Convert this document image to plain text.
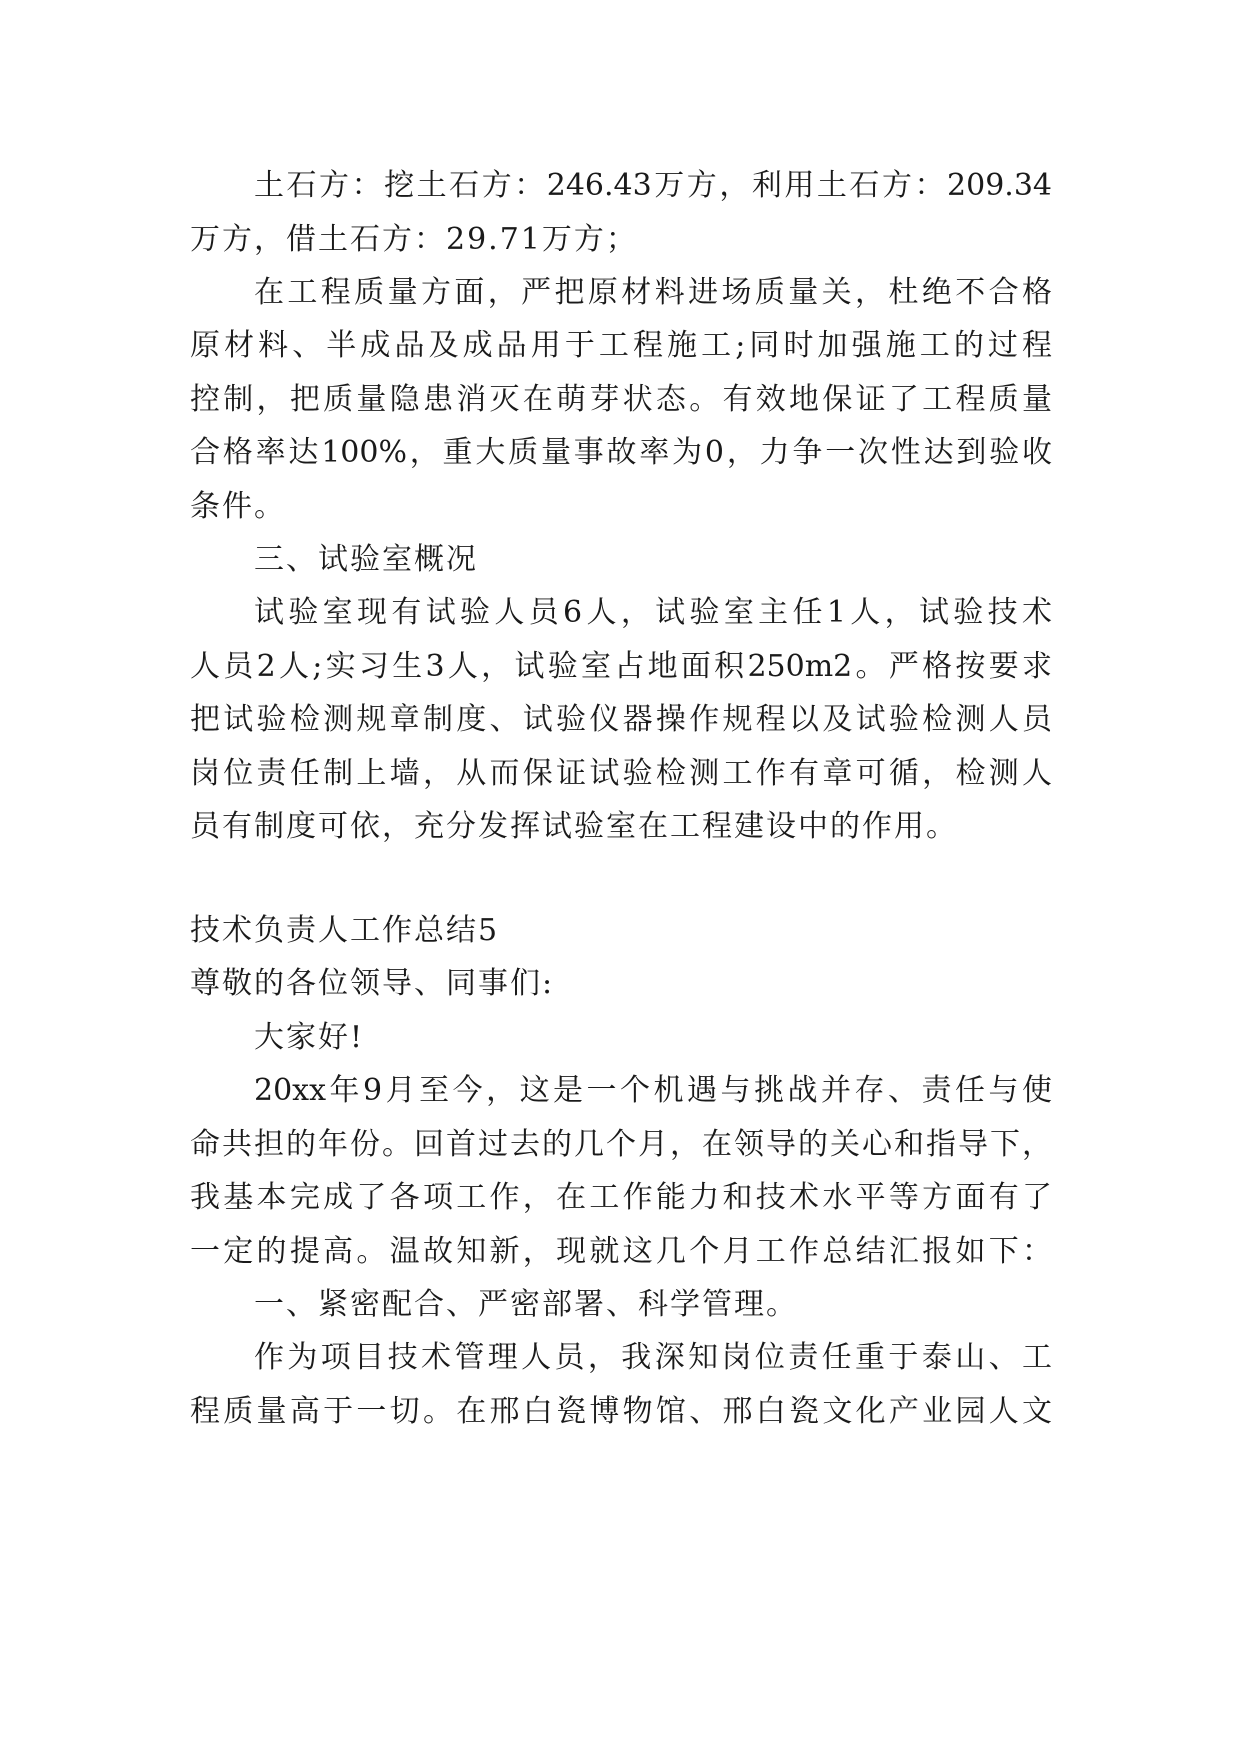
土石方：挖土石方：246.43万方，利用土石方：209.34
万方，借土石方：29.71万方；
在工程质量方面，严把原材料进场质量关，杜绝不合格
原材料、半成品及成品用于工程施工;同时加强施工的过程
控制，把质量隐患消灭在萌芽状态。有效地保证了工程质量
合格率达100%，重大质量事故率为0，力争一次性达到验收
条件。
三、试验室概况
试验室现有试验人员6人，试验室主任1人，试验技术
人员2人;实习生3人，试验室占地面积250m2。严格按要求
把试验检测规章制度、试验仪器操作规程以及试验检测人员
岗位责任制上墙，从而保证试验检测工作有章可循，检测人
员有制度可依，充分发挥试验室在工程建设中的作用。
技术负责人工作总结5
尊敬的各位领导、同事们:
大家好!
20xx年9月至今，这是一个机遇与挑战并存、责任与使
命共担的年份。回首过去的几个月，在领导的关心和指导下，
我基本完成了各项工作，在工作能力和技术水平等方面有了
一定的提高。温故知新，现就这几个月工作总结汇报如下：
一、紧密配合、严密部署、科学管理。
作为项目技术管理人员，我深知岗位责任重于泰山、工
程质量高于一切。在邢白瓷博物馆、邢白瓷文化产业园人文
